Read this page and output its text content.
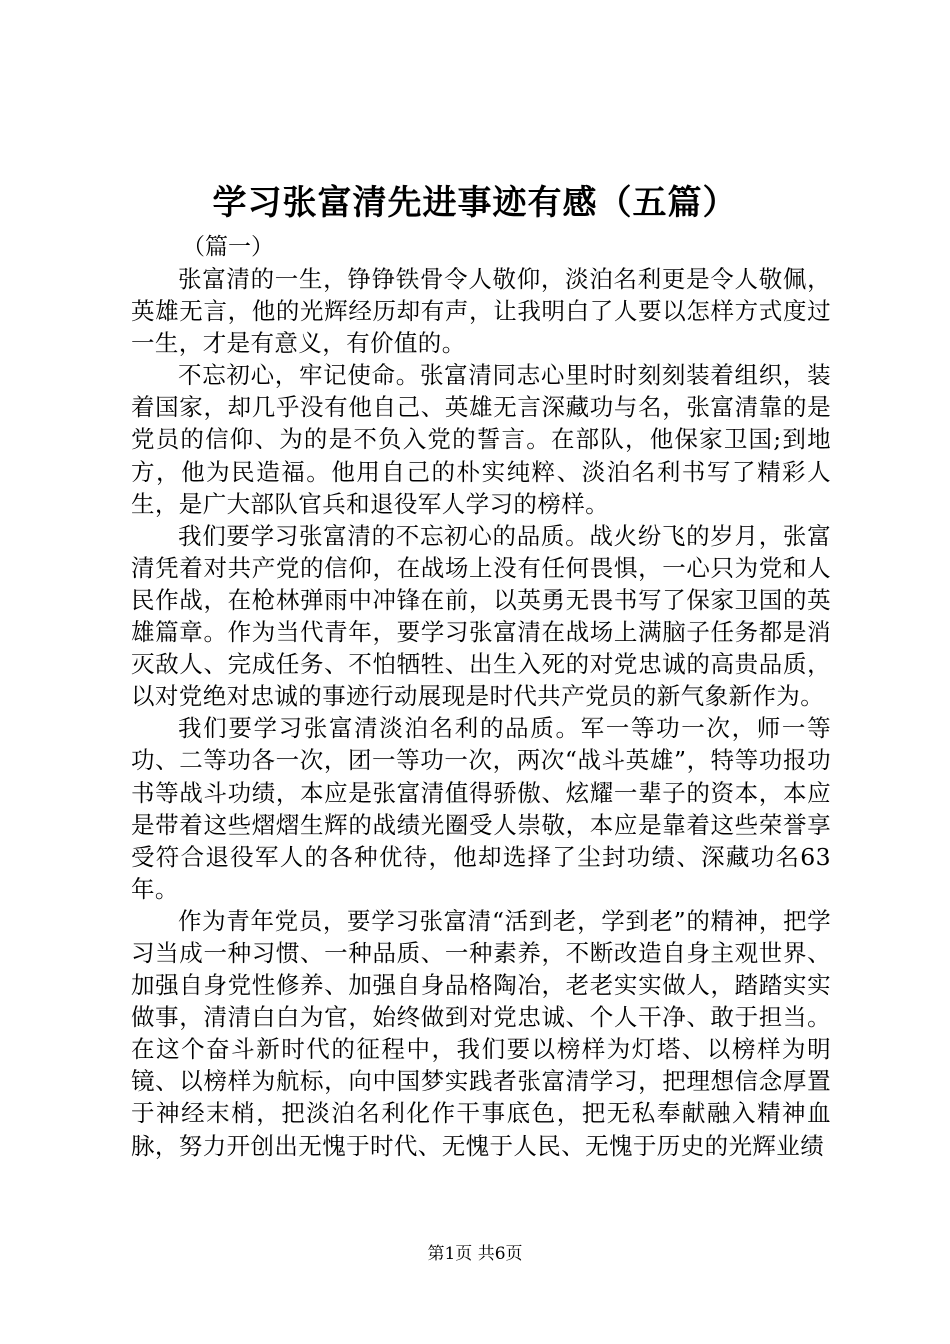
学习张富清先进事迹有感（五篇）
（篇一）

张富清的一生，铮铮铁骨令人敬仰，淡泊名利更是令人敬佩，英雄无言，他的光辉经历却有声，让我明白了人要以怎样方式度过一生，才是有意义，有价值的。

不忘初心，牢记使命。张富清同志心里时时刻刻装着组织，装着国家，却几乎没有他自己、英雄无言深藏功与名，张富清靠的是党员的信仰、为的是不负入党的誓言。在部队，他保家卫国;到地方，他为民造福。他用自己的朴实纯粹、淡泊名利书写了精彩人生，是广大部队官兵和退役军人学习的榜样。

我们要学习张富清的不忘初心的品质。战火纷飞的岁月，张富清凭着对共产党的信仰，在战场上没有任何畏惧，一心只为党和人民作战，在枪林弹雨中冲锋在前，以英勇无畏书写了保家卫国的英雄篇章。作为当代青年，要学习张富清在战场上满脑子任务都是消灭敌人、完成任务、不怕牺牲、出生入死的对党忠诚的高贵品质，以对党绝对忠诚的事迹行动展现是时代共产党员的新气象新作为。

我们要学习张富清淡泊名利的品质。军一等功一次，师一等功、二等功各一次，团一等功一次，两次“战斗英雄”，特等功报功书等战斗功绩，本应是张富清值得骄傲、炫耀一辈子的资本，本应是带着这些熠熠生辉的战绩光圈受人崇敬，本应是靠着这些荣誉享受符合退役军人的各种优待，他却选择了尘封功绩、深藏功名63年。

作为青年党员，要学习张富清“活到老，学到老”的精神，把学习当成一种习惯、一种品质、一种素养，不断改造自身主观世界、加强自身党性修养、加强自身品格陶冶，老老实实做人，踏踏实实做事，清清白白为官，始终做到对党忠诚、个人干净、敢于担当。在这个奋斗新时代的征程中，我们要以榜样为灯塔、以榜样为明镜、以榜样为航标，向中国梦实践者张富清学习，把理想信念厚置于神经末梢，把淡泊名利化作干事底色，把无私奉献融入精神血脉，努力开创出无愧于时代、无愧于人民、无愧于历史的光辉业绩

第1页 共6页
